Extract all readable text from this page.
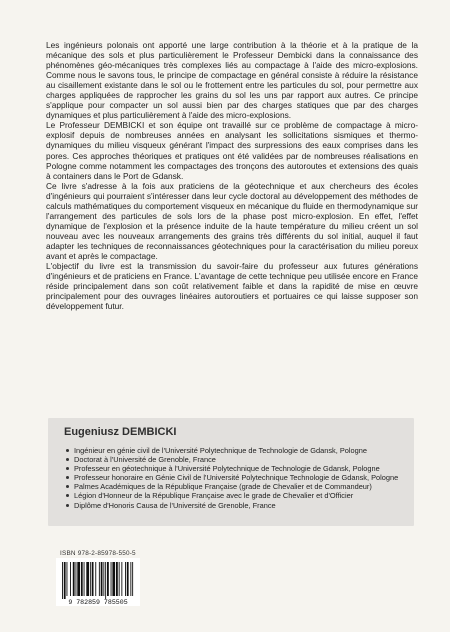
Les ingénieurs polonais ont apporté une large contribution à la théorie et à la pratique de la mécanique des sols et plus particulièrement le Professeur Dembicki dans la connaissance des phénomènes géo-mécaniques très complexes liés au compactage à l'aide des micro-explosions. Comme nous le savons tous, le principe de compactage en général consiste à réduire la résistance au cisaillement existante dans le sol ou le frottement entre les particules du sol, pour permettre aux charges appliquées de rapprocher les grains du sol les uns par rapport aux autres. Ce principe s'applique pour compacter un sol aussi bien par des charges statiques que par des charges dynamiques et plus particulièrement à l'aide des micro-explosions.

Le Professeur DEMBICKI et son équipe ont travaillé sur ce problème de compactage à micro-explosif depuis de nombreuses années en analysant les sollicitations sismiques et thermo-dynamiques du milieu visqueux générant l'impact des surpressions des eaux comprises dans les pores. Ces approches théoriques et pratiques ont été validées par de nombreuses réalisations en Pologne comme notamment les compactages des tronçons des autoroutes et extensions des quais à containers dans le Port de Gdansk.

Ce livre s'adresse à la fois aux praticiens de la géotechnique et aux chercheurs des écoles d'ingénieurs qui pourraient s'intéresser dans leur cycle doctoral au développement des méthodes de calculs mathématiques du comportement visqueux en mécanique du fluide en thermodynamique sur l'arrangement des particules de sols lors de la phase post micro-explosion. En effet, l'effet dynamique de l'explosion et la présence induite de la haute température du milieu créent un sol nouveau avec les nouveaux arrangements des grains très différents du sol initial, auquel il faut adapter les techniques de reconnaissances géotechniques pour la caractérisation du milieu poreux avant et après le compactage.

L'objectif du livre est la transmission du savoir-faire du professeur aux futures générations d'ingénieurs et de praticiens en France. L'avantage de cette technique peu utilisée encore en France réside principalement dans son coût relativement faible et dans la rapidité de mise en œuvre principalement pour des ouvrages linéaires autoroutiers et portuaires ce qui laisse supposer son développement futur.

Eugeniusz DEMBICKI
Ingénieur en génie civil de l'Université Polytechnique de Technologie de Gdansk, Pologne
Doctorat à l'Université de Grenoble, France
Professeur en géotechnique à l'Université Polytechnique de Technologie de Gdansk, Pologne
Professeur honoraire en Génie Civil de l'Université Polytechnique Technologie de Gdansk, Pologne
Palmes Académiques de la République Française (grade de Chevalier et de Commandeur)
Légion d'Honneur de la République Française avec le grade de Chevalier et d'Officier
Diplôme d'Honoris Causa de l'Université de Grenoble, France
ISBN 978-2-85978-550-5
9 782859 785505
